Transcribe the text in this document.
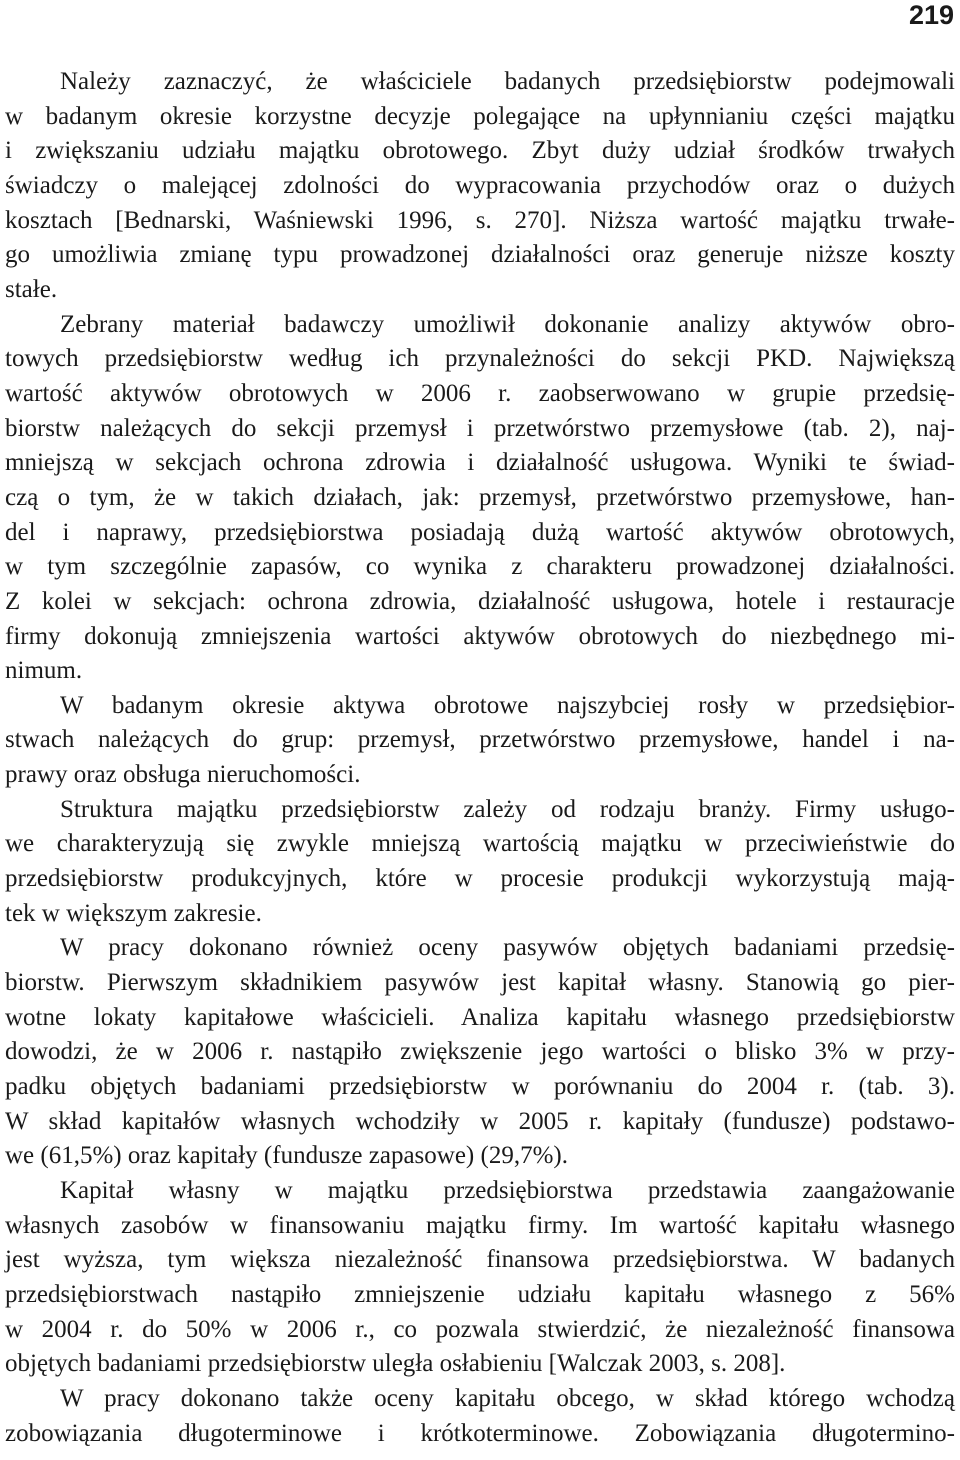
219
Należy zaznaczyć, że właściciele badanych przedsiębiorstw podejmowali
w badanym okresie korzystne decyzje polegające na upłynnianiu części majątku
i zwiększaniu udziału majątku obrotowego. Zbyt duży udział środków trwałych
świadczy o malejącej zdolności do wypracowania przychodów oraz o dużych
kosztach [Bednarski, Waśniewski 1996, s. 270]. Niższa wartość majątku trwałe-
go umożliwia zmianę typu prowadzonej działalności oraz generuje niższe koszty
stałe.
Zebrany materiał badawczy umożliwił dokonanie analizy aktywów obro-
towych przedsiębiorstw według ich przynależności do sekcji PKD. Największą
wartość aktywów obrotowych w 2006 r. zaobserwowano w grupie przedsię-
biorstw należących do sekcji przemysł i przetwórstwo przemysłowe (tab. 2), naj-
mniejszą w sekcjach ochrona zdrowia i działalność usługowa. Wyniki te świad-
czą o tym, że w takich działach, jak: przemysł, przetwórstwo przemysłowe, han-
del i naprawy, przedsiębiorstwa posiadają dużą wartość aktywów obrotowych,
w tym szczególnie zapasów, co wynika z charakteru prowadzonej działalności.
Z kolei w sekcjach: ochrona zdrowia, działalność usługowa, hotele i restauracje
firmy dokonują zmniejszenia wartości aktywów obrotowych do niezbędnego mi-
nimum.
W badanym okresie aktywa obrotowe najszybciej rosły w przedsiębior-
stwach należących do grup: przemysł, przetwórstwo przemysłowe, handel i na-
prawy oraz obsługa nieruchomości.
Struktura majątku przedsiębiorstw zależy od rodzaju branży. Firmy usługo-
we charakteryzują się zwykle mniejszą wartością majątku w przeciwieństwie do
przedsiębiorstw produkcyjnych, które w procesie produkcji wykorzystują mają-
tek w większym zakresie.
W pracy dokonano również oceny pasywów objętych badaniami przedsię-
biorstw. Pierwszym składnikiem pasywów jest kapitał własny. Stanowią go pier-
wotne lokaty kapitałowe właścicieli. Analiza kapitału własnego przedsiębiorstw
dowodzi, że w 2006 r. nastąpiło zwiększenie jego wartości o blisko 3% w przy-
padku objętych badaniami przedsiębiorstw w porównaniu do 2004 r. (tab. 3).
W skład kapitałów własnych wchodziły w 2005 r. kapitały (fundusze) podstawo-
we (61,5%) oraz kapitały (fundusze zapasowe) (29,7%).
Kapitał własny w majątku przedsiębiorstwa przedstawia zaangażowanie
własnych zasobów w finansowaniu majątku firmy. Im wartość kapitału własnego
jest wyższa, tym większa niezależność finansowa przedsiębiorstwa. W badanych
przedsiębiorstwach nastąpiło zmniejszenie udziału kapitału własnego z 56%
w 2004 r. do 50% w 2006 r., co pozwala stwierdzić, że niezależność finansowa
objętych badaniami przedsiębiorstw uległa osłabieniu [Walczak 2003, s. 208].
W pracy dokonano także oceny kapitału obcego, w skład którego wchodzą
zobowiązania długoterminowe i krótkoterminowe. Zobowiązania długotermino-
